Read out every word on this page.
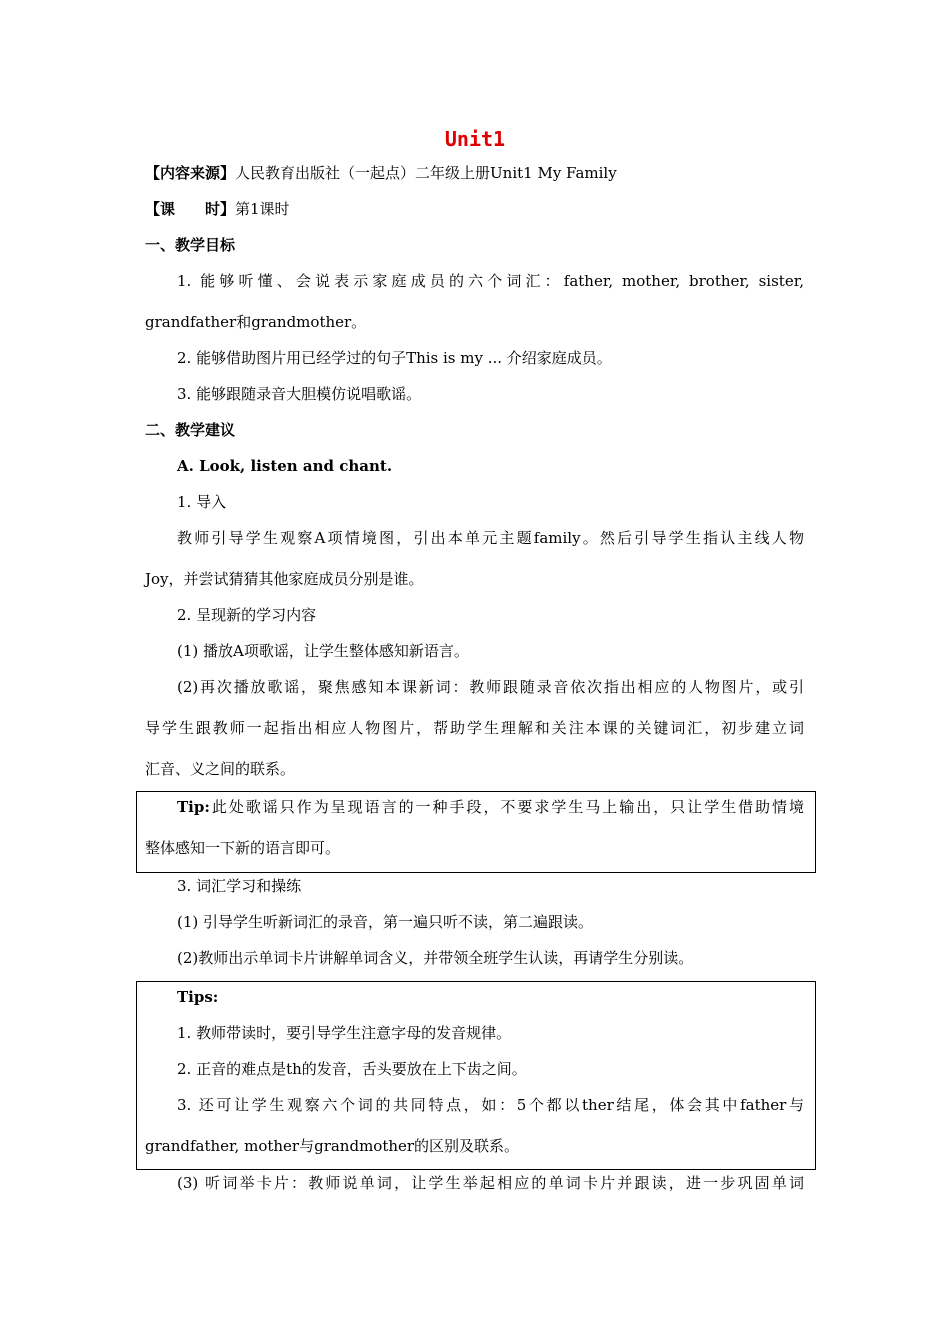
Unit1
【内容来源】人民教育出版社（一起点）二年级上册Unit1 My Family
【课　　时】第1课时
一、教学目标
1. 能够听懂、会说表示家庭成员的六个词汇：father, mother, brother, sister,
grandfather和grandmother。
2. 能够借助图片用已经学过的句子This is my ... 介绍家庭成员。
3. 能够跟随录音大胆模仿说唱歌谣。
二、教学建议
A. Look, listen and chant.
1. 导入
教师引导学生观察A项情境图，引出本单元主题family。然后引导学生指认主线人物
Joy，并尝试猜猜其他家庭成员分别是谁。
2. 呈现新的学习内容
(1) 播放A项歌谣，让学生整体感知新语言。
(2)再次播放歌谣，聚焦感知本课新词：教师跟随录音依次指出相应的人物图片，或引
导学生跟教师一起指出相应人物图片，帮助学生理解和关注本课的关键词汇，初步建立词
汇音、义之间的联系。
Tip:此处歌谣只作为呈现语言的一种手段，不要求学生马上输出，只让学生借助情境
整体感知一下新的语言即可。
3. 词汇学习和操练
(1) 引导学生听新词汇的录音，第一遍只听不读，第二遍跟读。
(2)教师出示单词卡片讲解单词含义，并带领全班学生认读，再请学生分别读。
Tips:
1. 教师带读时，要引导学生注意字母的发音规律。
2. 正音的难点是th的发音，舌头要放在上下齿之间。
3. 还可让学生观察六个词的共同特点，如：5个都以ther结尾，体会其中father与
grandfather, mother与grandmother的区别及联系。
(3) 听词举卡片：教师说单词，让学生举起相应的单词卡片并跟读，进一步巩固单词
